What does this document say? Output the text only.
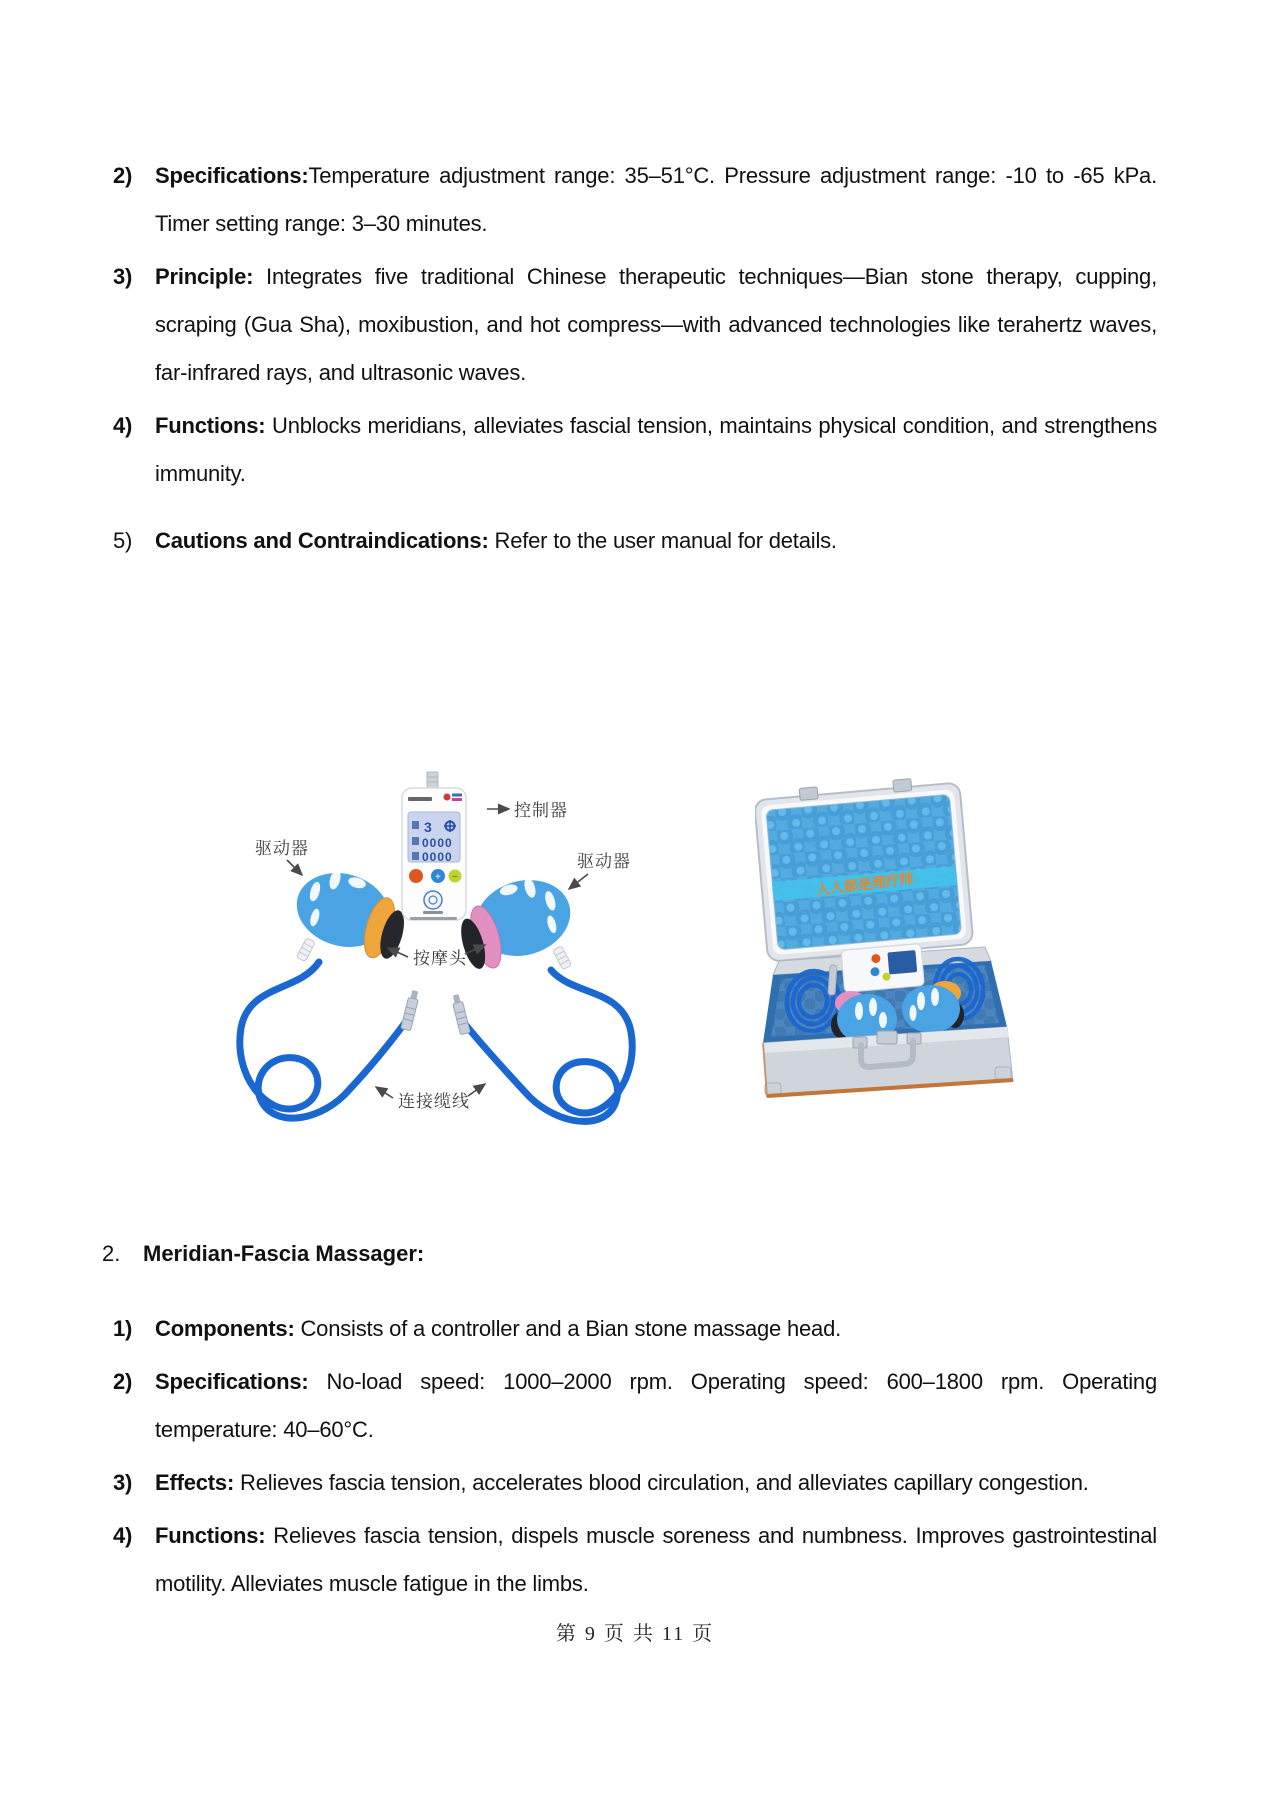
2)	Specifications:Temperature adjustment range: 35–51°C. Pressure adjustment range: -10 to -65 kPa. Timer setting range: 3–30 minutes.
3)	Principle: Integrates five traditional Chinese therapeutic techniques—Bian stone therapy, cupping, scraping (Gua Sha), moxibustion, and hot compress—with advanced technologies like terahertz waves, far-infrared rays, and ultrasonic waves.
4)	Functions: Unblocks meridians, alleviates fascial tension, maintains physical condition, and strengthens immunity.
5)	Cautions and Contraindications: Refer to the user manual for details.
3
0000
0000
+ −
控制器
驱动器
驱动器
按摩头
连接缆线
人人都是理疗师
2.	Meridian-Fascia Massager:
1)	Components: Consists of a controller and a Bian stone massage head.
2)	Specifications: No-load speed: 1000–2000 rpm. Operating speed: 600–1800 rpm. Operating temperature: 40–60°C.
3)	Effects: Relieves fascia tension, accelerates blood circulation, and alleviates capillary congestion.
4)	Functions: Relieves fascia tension, dispels muscle soreness and numbness. Improves gastrointestinal motility. Alleviates muscle fatigue in the limbs.
第 9 页 共 11 页
